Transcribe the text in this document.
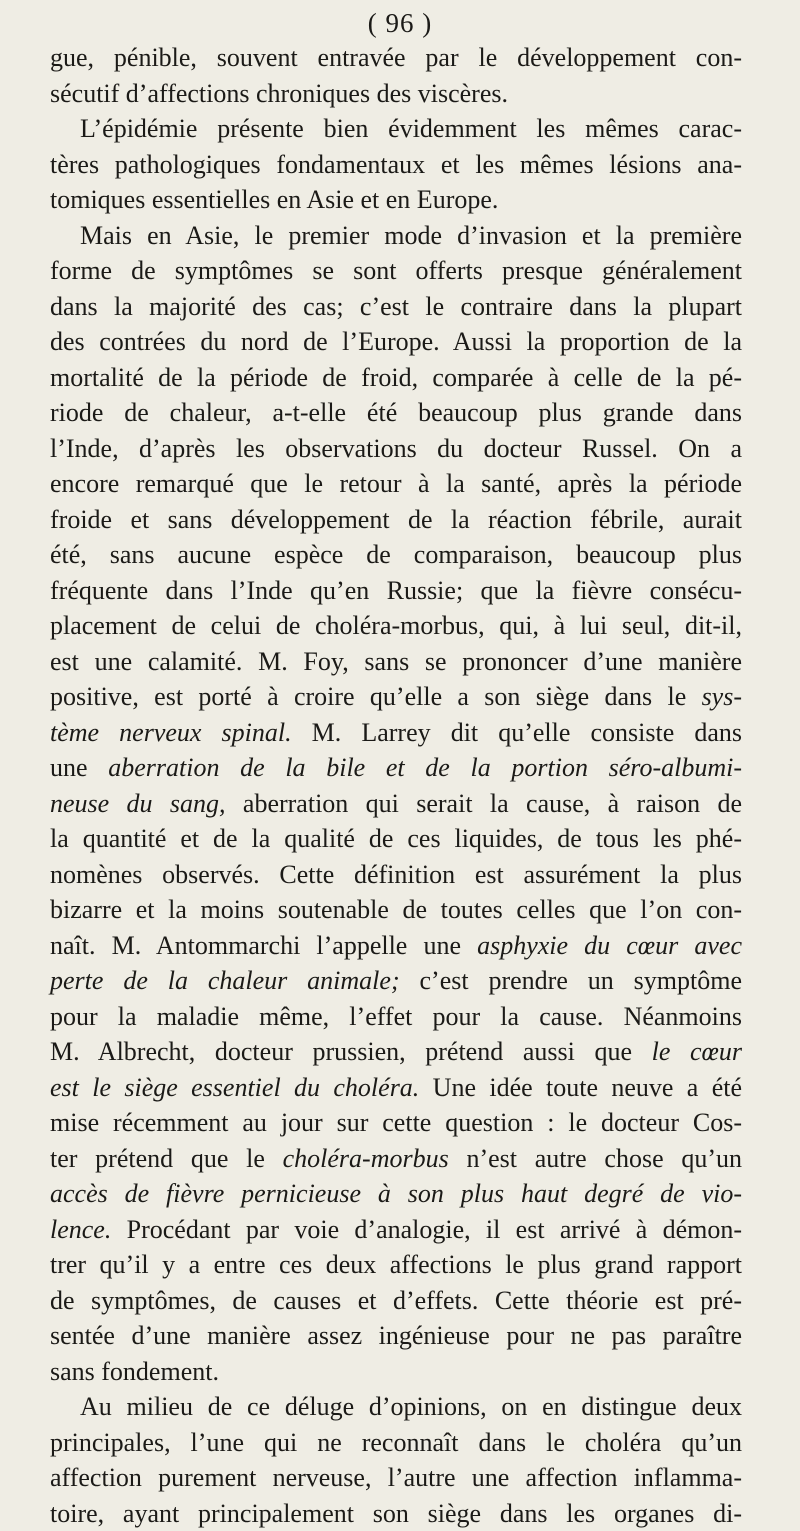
( 96 )
gue, pénible, souvent entravée par le développement con-
sécutif d’affections chroniques des viscères.
L’épidémie présente bien évidemment les mêmes carac-
tères pathologiques fondamentaux et les mêmes lésions ana-
tomiques essentielles en Asie et en Europe.
Mais en Asie, le premier mode d’invasion et la première
forme de symptômes se sont offerts presque généralement
dans la majorité des cas; c’est le contraire dans la plupart
des contrées du nord de l’Europe. Aussi la proportion de la
mortalité de la période de froid, comparée à celle de la pé-
riode de chaleur, a-t-elle été beaucoup plus grande dans
l’Inde, d’après les observations du docteur Russel. On a
encore remarqué que le retour à la santé, après la période
froide et sans développement de la réaction fébrile, aurait
été, sans aucune espèce de comparaison, beaucoup plus
fréquente dans l’Inde qu’en Russie; que la fièvre consécu-
placement de celui de choléra-morbus, qui, à lui seul, dit-il,
est une calamité. M. Foy, sans se prononcer d’une manière
positive, est porté à croire qu’elle a son siège dans le sys-
tème nerveux spinal. M. Larrey dit qu’elle consiste dans
une aberration de la bile et de la portion séro-albumi-
neuse du sang, aberration qui serait la cause, à raison de
la quantité et de la qualité de ces liquides, de tous les phé-
nomènes observés. Cette définition est assurément la plus
bizarre et la moins soutenable de toutes celles que l’on con-
naît. M. Antommarchi l’appelle une asphyxie du cœur avec
perte de la chaleur animale; c’est prendre un symptôme
pour la maladie même, l’effet pour la cause. Néanmoins
M. Albrecht, docteur prussien, prétend aussi que le cœur
est le siège essentiel du choléra. Une idée toute neuve a été
mise récemment au jour sur cette question : le docteur Cos-
ter prétend que le choléra-morbus n’est autre chose qu’un
accès de fièvre pernicieuse à son plus haut degré de vio-
lence. Procédant par voie d’analogie, il est arrivé à démon-
trer qu’il y a entre ces deux affections le plus grand rapport
de symptômes, de causes et d’effets. Cette théorie est pré-
sentée d’une manière assez ingénieuse pour ne pas paraître
sans fondement.
Au milieu de ce déluge d’opinions, on en distingue deux
principales, l’une qui ne reconnaît dans le choléra qu’un
affection purement nerveuse, l’autre une affection inflamma-
toire, ayant principalement son siège dans les organes di-
